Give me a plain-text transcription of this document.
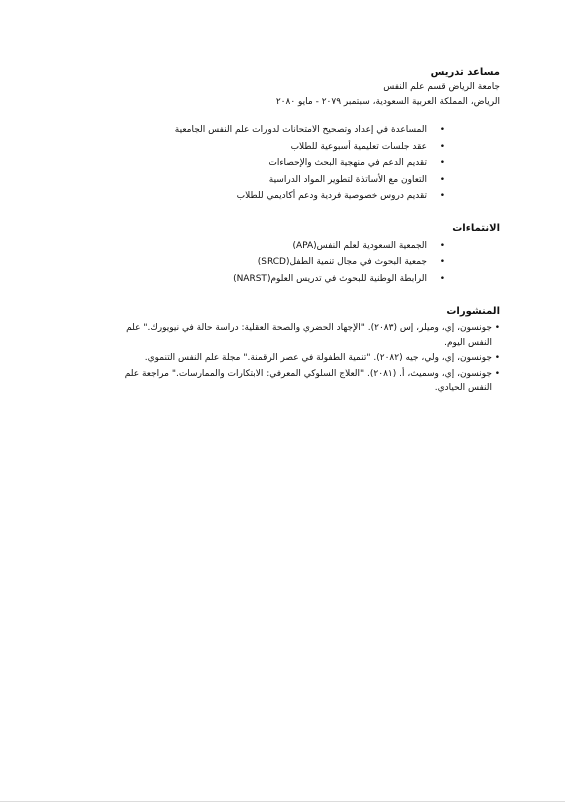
مساعد تدريس

جامعة الرياض قسم علم النفس

الرياض، المملكة العربية السعودية، سبتمبر ٢٠٧٩ - مايو ٢٠٨٠

•
المساعدة في إعداد وتصحيح الامتحانات لدورات علم النفس الجامعية
•
عقد جلسات تعليمية أسبوعية للطلاب
•
تقديم الدعم في منهجية البحث والإحصاءات
•
التعاون مع الأساتذة لتطوير المواد الدراسية
•
تقديم دروس خصوصية فردية ودعم أكاديمي للطلاب

الانتماءات

•
الجمعية السعودية لعلم النفس(APA)
•
جمعية البحوث في مجال تنمية الطفل(SRCD)
•
الرابطة الوطنية للبحوث في تدريس العلوم(NARST)

المنشورات

•
جونسون، إي، وميلر، إس (٢٠٨٣). "الإجهاد الحضري والصحة العقلية: دراسة حالة في نيويورك." علم النفس اليوم.
•
جونسون، إي، ولي، جيه (٢٠٨٢). "تنمية الطفولة في عصر الرقمنة." مجلة علم النفس التنموي.
•
جونسون، إي، وسميث، أ. (٢٠٨١). "العلاج السلوكي المعرفي: الابتكارات والممارسات." مراجعة علم النفس الحيادي.
